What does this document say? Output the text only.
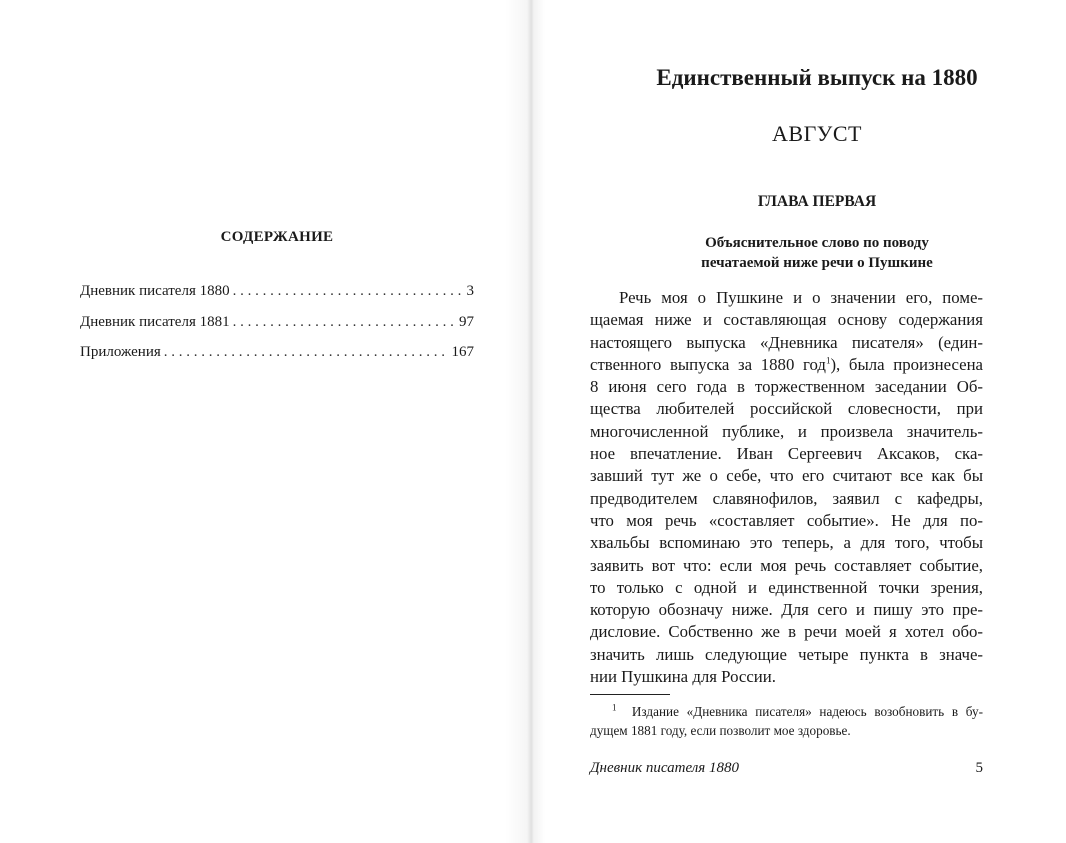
СОДЕРЖАНИЕ
Дневник писателя 1880 . . .	3
Дневник писателя 1881 . . .	97
Приложения . . .	167
Единственный выпуск на 1880
АВГУСТ
ГЛАВА ПЕРВАЯ
Объяснительное слово по поводу
печатаемой ниже речи о Пушкине
Речь моя о Пушкине и о значении его, поме-
щаемая ниже и составляющая основу содержания
настоящего выпуска «Дневника писателя» (един-
ственного выпуска за 1880 год$^1$), была произнесена
8 июня сего года в торжественном заседании Об-
щества любителей российской словесности, при
многочисленной публике, и произвела значитель-
ное впечатление. Иван Сергеевич Аксаков, ска-
завший тут же о себе, что его считают все как бы
предводителем славянофилов, заявил с кафедры,
что моя речь «составляет событие». Не для по-
хвальбы вспоминаю это теперь, а для того, чтобы
заявить вот что: если моя речь составляет событие,
то только с одной и единственной точки зрения,
которую обозначу ниже. Для сего и пишу это пре-
дисловие. Собственно же в речи моей я хотел обо-
значить лишь следующие четыре пункта в значе-
нии Пушкина для России.
$^1$ Издание «Дневника писателя» надеюсь возобновить в бу-
дущем 1881 году, если позволит мое здоровье.
Дневник писателя 1880	5
